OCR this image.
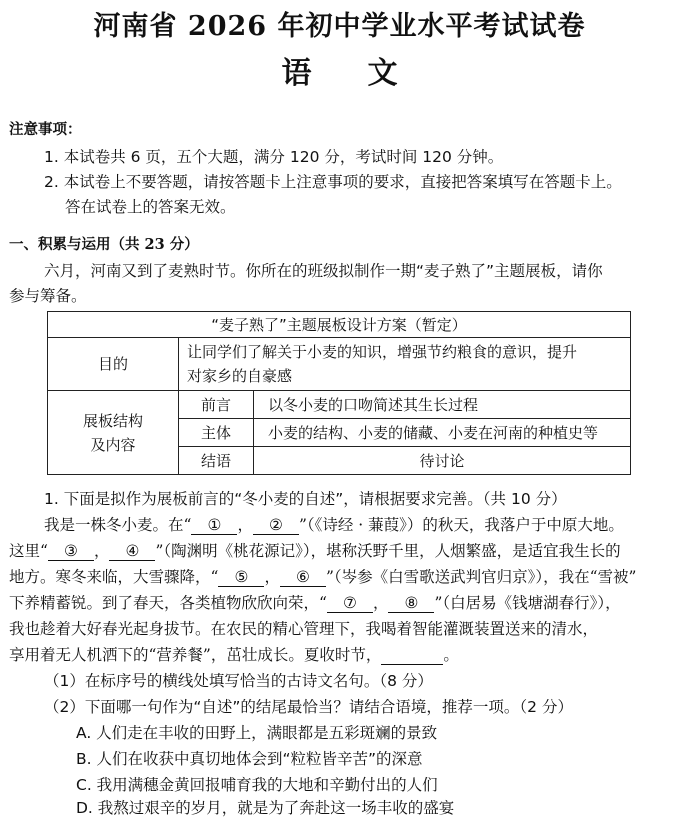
河南省 2026 年初中学业水平考试试卷
语文
注意事项：
1. 本试卷共 6 页，五个大题，满分 120 分，考试时间 120 分钟。
2. 本试卷上不要答题，请按答题卡上注意事项的要求，直接把答案填写在答题卡上。
答在试卷上的答案无效。
一、积累与运用（共 23 分）
六月，河南又到了麦熟时节。你所在的班级拟制作一期“麦子熟了”主题展板，请你
参与筹备。
“麦子熟了”主题展板设计方案（暂定）		
目的	让同学们了解关于小麦的知识，增强节约粮食的意识，提升
对家乡的自豪感	

展板结构
及内容	前言	以冬小麦的口吻简述其生长过程
	主体	小麦的结构、小麦的储藏、小麦在河南的种植史等
	结语	待讨论
1. 下面是拟作为展板前言的“冬小麦的自述”，请根据要求完善。（共 10 分）
我是一株冬小麦。在“ ① ， ② ”（《诗经 · 蒹葭》）的秋天，我落户于中原大地。
这里“ ③ ， ④ ”（陶渊明《桃花源记》），堪称沃野千里，人烟繁盛，是适宜我生长的
地方。寒冬来临，大雪骤降，“ ⑤ ， ⑥ ”（岑参《白雪歌送武判官归京》），我在“雪被”
下养精蓄锐。到了春天，各类植物欣欣向荣，“ ⑦ ， ⑧ ”（白居易《钱塘湖春行》），
我也趁着大好春光起身拔节。在农民的精心管理下，我喝着智能灌溉装置送来的清水，
享用着无人机洒下的“营养餐”，茁壮成长。夏收时节，	。
（1）在标序号的横线处填写恰当的古诗文名句。（8 分）
（2）下面哪一句作为“自述”的结尾最恰当？请结合语境，推荐一项。（2 分）
A. 人们走在丰收的田野上，满眼都是五彩斑斓的景致
B. 人们在收获中真切地体会到“粒粒皆辛苦”的深意
C. 我用满穗金黄回报哺育我的大地和辛勤付出的人们
D. 我熬过艰辛的岁月，就是为了奔赴这一场丰收的盛宴
